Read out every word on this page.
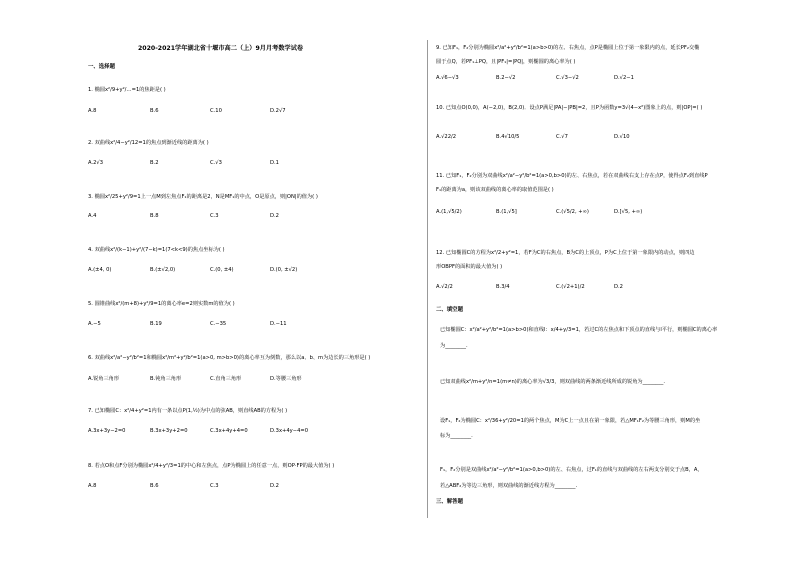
2020-2021学年湖北省十堰市高二（上）9月月考数学试卷
一、选择题
1. 椭圆x²/9+y²/…=1的焦距是( )
A.8	B.6	C.10	D.2√7
2. 双曲线x²/4−y²/12=1的焦点到渐近线的距离为( )
A.2√3	B.2	C.√3	D.1
3. 椭圆x²/25+y²/9=1上一点M到左焦点F₁的距离是2，N是MF₁的中点，O是原点，则|ON|的值为( )
A.4	B.8	C.3	D.2
4. 双曲线x²/(k−1)+y²/(7−k)=1(7<k<9)的焦点坐标为( )
A.(±4, 0)	B.(±√2,0)	C.(0, ±4)	D.(0, ±√2)
5. 圆锥曲线x²/(m+8)+y²/9=1的离心率e=2则实数m的值为( )
A.−5	B.19	C.−35	D.−11
6. 双曲线x²/a²−y²/b²=1和椭圆x²/m²+y²/b²=1(a>0, m>b>0)的离心率互为倒数，那么以a、b、m为边长的三角形是( )
A.锐角三角形	B.钝角三角形	C.直角三角形	D.等腰三角形
7. 已知椭圆C：x²/4+y²=1内有一条以点P(1,½)为中点的弦AB，则直线AB的方程为( )
A.3x+3y−2=0	B.3x+3y+2=0	C.3x+4y+4=0	D.3x+4y−4=0
8. 若点O和点F分别为椭圆x²/4+y²/3=1的中心和左焦点，点P为椭圆上的任意一点，则OP·FP的最大值为( )
A.8	B.6	C.3	D.2
9. 已知F₁，F₂分别为椭圆x²/a²+y²/b²=1(a>b>0)的左、右焦点，点P是椭圆上位于第一象限内的点，延长PF₂交椭
圆于点Q，若PF₁⊥PQ，且|PF₁|=|PQ|，则椭圆的离心率为( )
A.√6−√3	B.2−√2	C.√3−√2	D.√2−1
10. 已知点O(0,0)，A(−2,0)，B(2,0)．设点P满足|PA|−|PB|=2，且P为函数y=3√(4−x²)图象上的点，则|OP|=( )
A.√22/2	B.4√10/5	C.√7	D.√10
11. 已知F₁，F₂分别为双曲线x²/a²−y²/b²=1(a>0,b>0)的左、右焦点，若在双曲线右支上存在点P，使得点F₂到直线P
F₁的距离为a，则该双曲线的离心率的取值范围是( )
A.(1,√5/2)	B.(1,√5]	C.(√5/2, +∞)	D.[√5, +∞)
12. 已知椭圆C的方程为x²/2+y²=1，若F为C的右焦点，B为C的上顶点，P为C上位于第一象限内的动点，则四边
形OBPF的面积的最大值为( )
A.√2/2	B.3/4	C.(√2+1)/2	D.2
二、填空题
已知椭圆C：x²/a²+y²/b²=1(a>b>0)和直线l：x/4+y/3=1，若过C的左焦点和下顶点的直线与l平行，则椭圆C的离心率
为________.
已知双曲线x²/m+y²/n=1(m≠n)的离心率为√3/3，则双曲线的两条渐近线所成的锐角为________.
设F₁，F₂为椭圆C：x²/36+y²/20=1的两个焦点，M为C上一点且在第一象限，若△MF₁F₂为等腰三角形，则M的坐
标为________.
F₁，F₂分别是双曲线x²/a²−y²/b²=1(a>0,b>0)的左、右焦点，过F₁的直线与双曲线的左右两支分别交于点B，A，
若△ABF₂为等边三角形，则双曲线的渐近线方程为________.
三、解答题
